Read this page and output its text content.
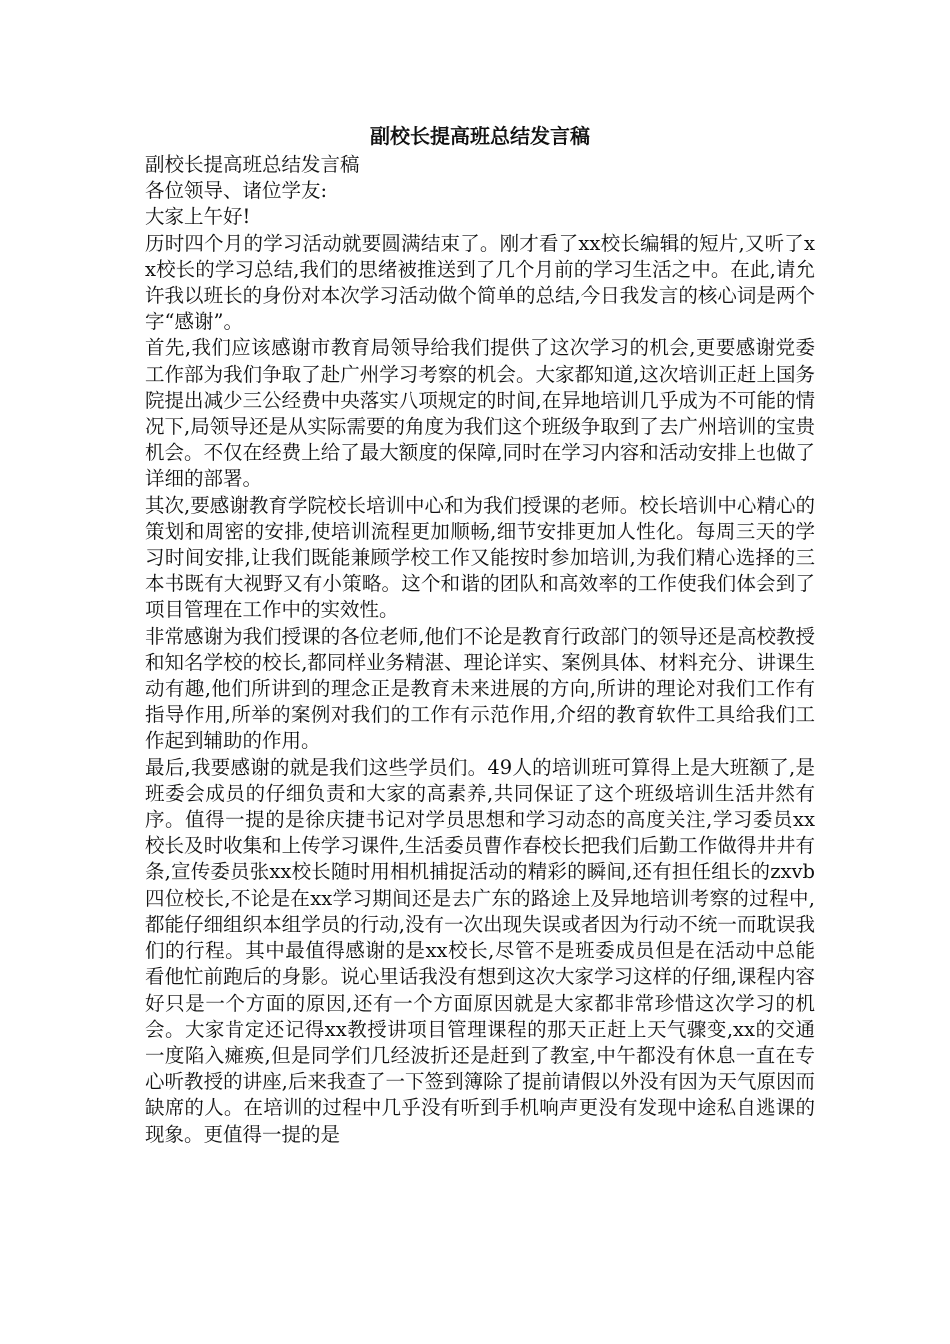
副校长提高班总结发言稿

副校长提高班总结发言稿

各位领导、诸位学友:

大家上午好!

历时四个月的学习活动就要圆满结束了。刚才看了xx校长编辑的短片,又听了xx校长的学习总结,我们的思绪被推送到了几个月前的学习生活之中。在此,请允许我以班长的身份对本次学习活动做个简单的总结,今日我发言的核心词是两个字“感谢”。

首先,我们应该感谢市教育局领导给我们提供了这次学习的机会,更要感谢党委工作部为我们争取了赴广州学习考察的机会。大家都知道,这次培训正赶上国务院提出减少三公经费中央落实八项规定的时间,在异地培训几乎成为不可能的情况下,局领导还是从实际需要的角度为我们这个班级争取到了去广州培训的宝贵机会。不仅在经费上给了最大额度的保障,同时在学习内容和活动安排上也做了详细的部署。

其次,要感谢教育学院校长培训中心和为我们授课的老师。校长培训中心精心的策划和周密的安排,使培训流程更加顺畅,细节安排更加人性化。每周三天的学习时间安排,让我们既能兼顾学校工作又能按时参加培训,为我们精心选择的三本书既有大视野又有小策略。这个和谐的团队和高效率的工作使我们体会到了项目管理在工作中的实效性。

非常感谢为我们授课的各位老师,他们不论是教育行政部门的领导还是高校教授和知名学校的校长,都同样业务精湛、理论详实、案例具体、材料充分、讲课生动有趣,他们所讲到的理念正是教育未来进展的方向,所讲的理论对我们工作有指导作用,所举的案例对我们的工作有示范作用,介绍的教育软件工具给我们工作起到辅助的作用。

最后,我要感谢的就是我们这些学员们。49人的培训班可算得上是大班额了,是班委会成员的仔细负责和大家的高素养,共同保证了这个班级培训生活井然有序。值得一提的是徐庆捷书记对学员思想和学习动态的高度关注,学习委员xx校长及时收集和上传学习课件,生活委员曹作春校长把我们后勤工作做得井井有条,宣传委员张xx校长随时用相机捕捉活动的精彩的瞬间,还有担任组长的zxvb四位校长,不论是在xx学习期间还是去广东的路途上及异地培训考察的过程中,都能仔细组织本组学员的行动,没有一次出现失误或者因为行动不统一而耽误我们的行程。其中最值得感谢的是xx校长,尽管不是班委成员但是在活动中总能看他忙前跑后的身影。说心里话我没有想到这次大家学习这样的仔细,课程内容好只是一个方面的原因,还有一个方面原因就是大家都非常珍惜这次学习的机会。大家肯定还记得xx教授讲项目管理课程的那天正赶上天气骤变,xx的交通一度陷入瘫痪,但是同学们几经波折还是赶到了教室,中午都没有休息一直在专心听教授的讲座,后来我查了一下签到簿除了提前请假以外没有因为天气原因而缺席的人。在培训的过程中几乎没有听到手机响声更没有发现中途私自逃课的现象。更值得一提的是
